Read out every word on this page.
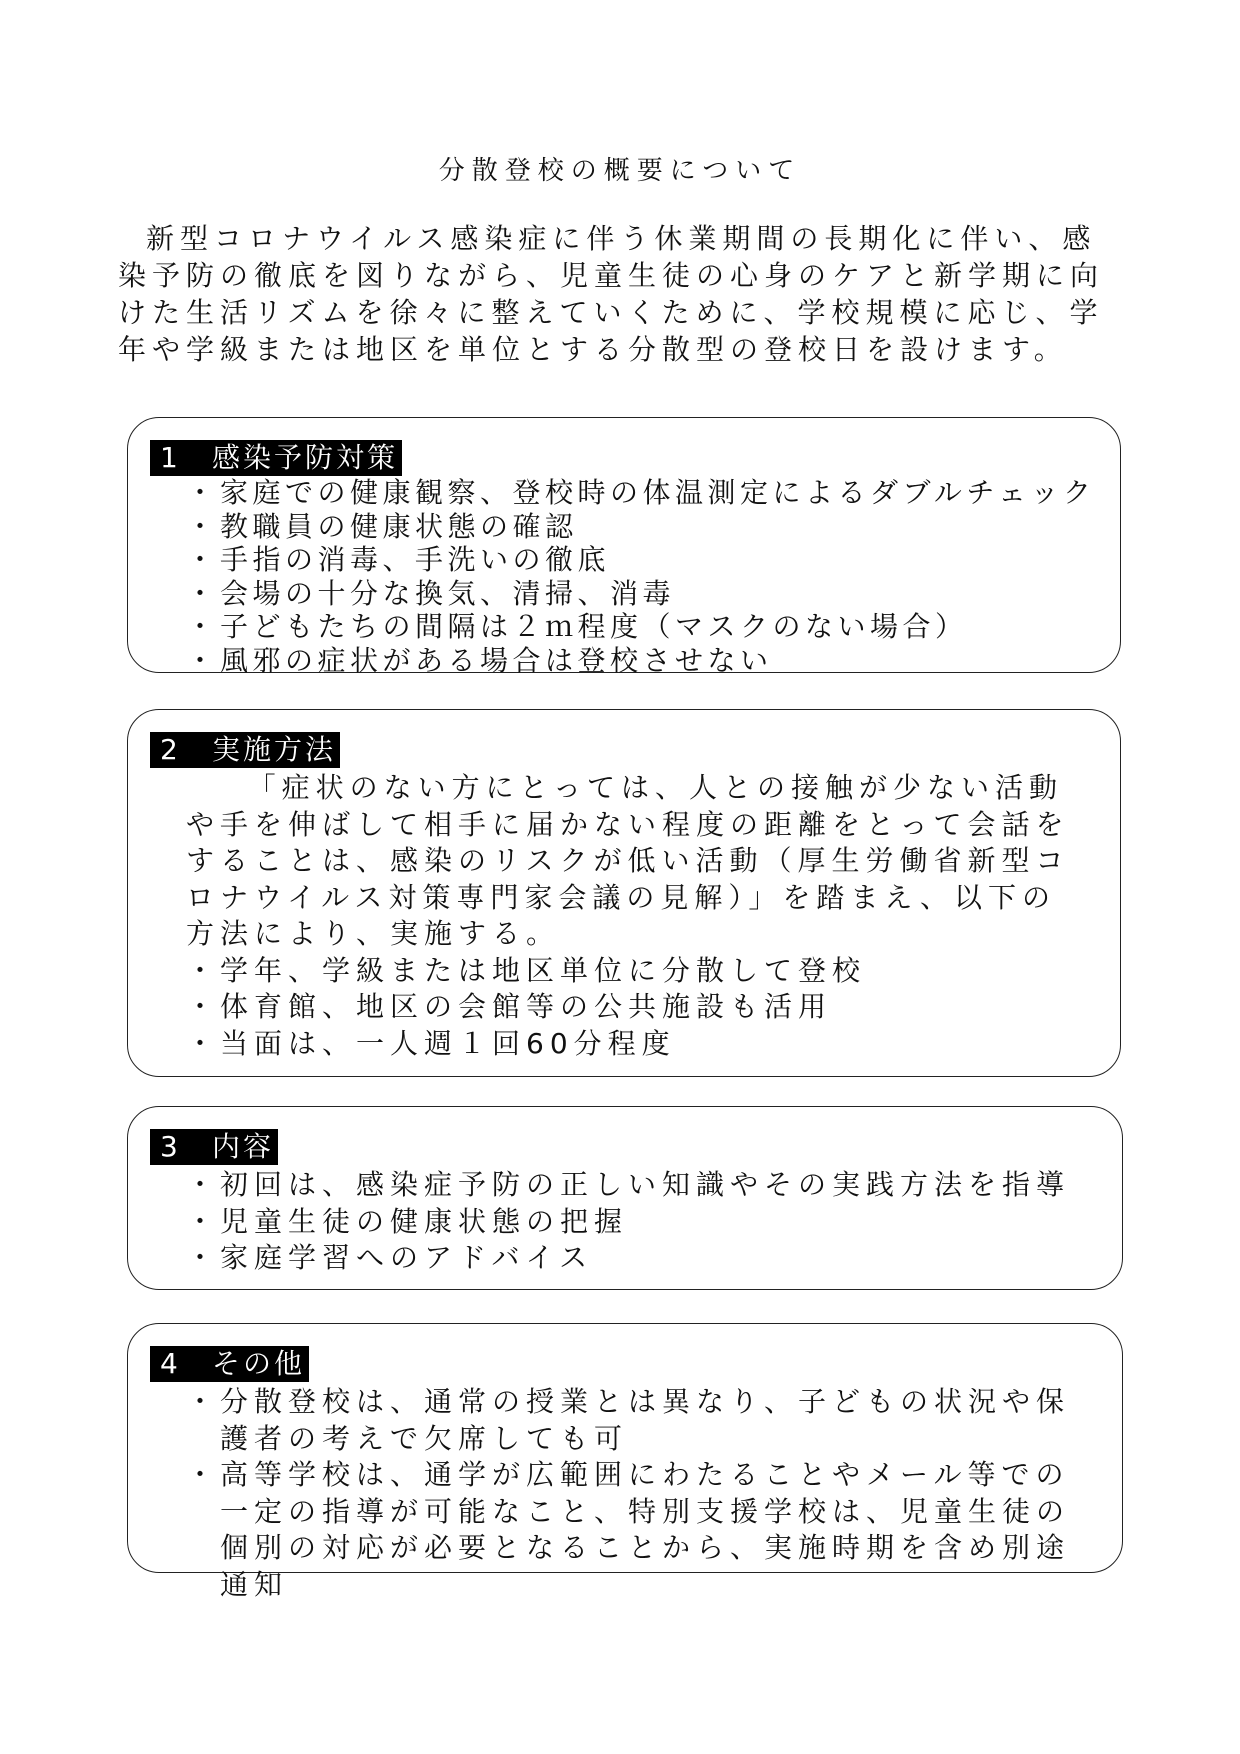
分散登校の概要について

新型コロナウイルス感染症に伴う休業期間の長期化に伴い、感染予防の徹底を図りながら、児童生徒の心身のケアと新学期に向けた生活リズムを徐々に整えていくために、学校規模に応じ、学年や学級または地区を単位とする分散型の登校日を設けます。

1 感染予防対策
・ 家庭での健康観察、登校時の体温測定によるダブルチェック
・ 教職員の健康状態の確認
・ 手指の消毒、手洗いの徹底
・ 会場の十分な換気、清掃、消毒
・ 子どもたちの間隔は２ｍ程度（マスクのない場合）
・ 風邪の症状がある場合は登校させない
2 実施方法

「症状のない方にとっては、人との接触が少ない活動や手を伸ばして相手に届かない程度の距離をとって会話をすることは、感染のリスクが低い活動（厚生労働省新型コロナウイルス対策専門家会議の見解）」を踏まえ、以下の方法により、実施する。

・ 学年、学級または地区単位に分散して登校
・ 体育館、地区の会館等の公共施設も活用
・ 当面は、一人週１回60分程度
3 内容
・ 初回は、感染症予防の正しい知識やその実践方法を指導
・ 児童生徒の健康状態の把握
・ 家庭学習へのアドバイス
4 その他
・ 分散登校は、通常の授業とは異なり、子どもの状況や保護者の考えで欠席しても可
・ 高等学校は、通学が広範囲にわたることやメール等での一定の指導が可能なこと、特別支援学校は、児童生徒の個別の対応が必要となることから、実施時期を含め別途通知
